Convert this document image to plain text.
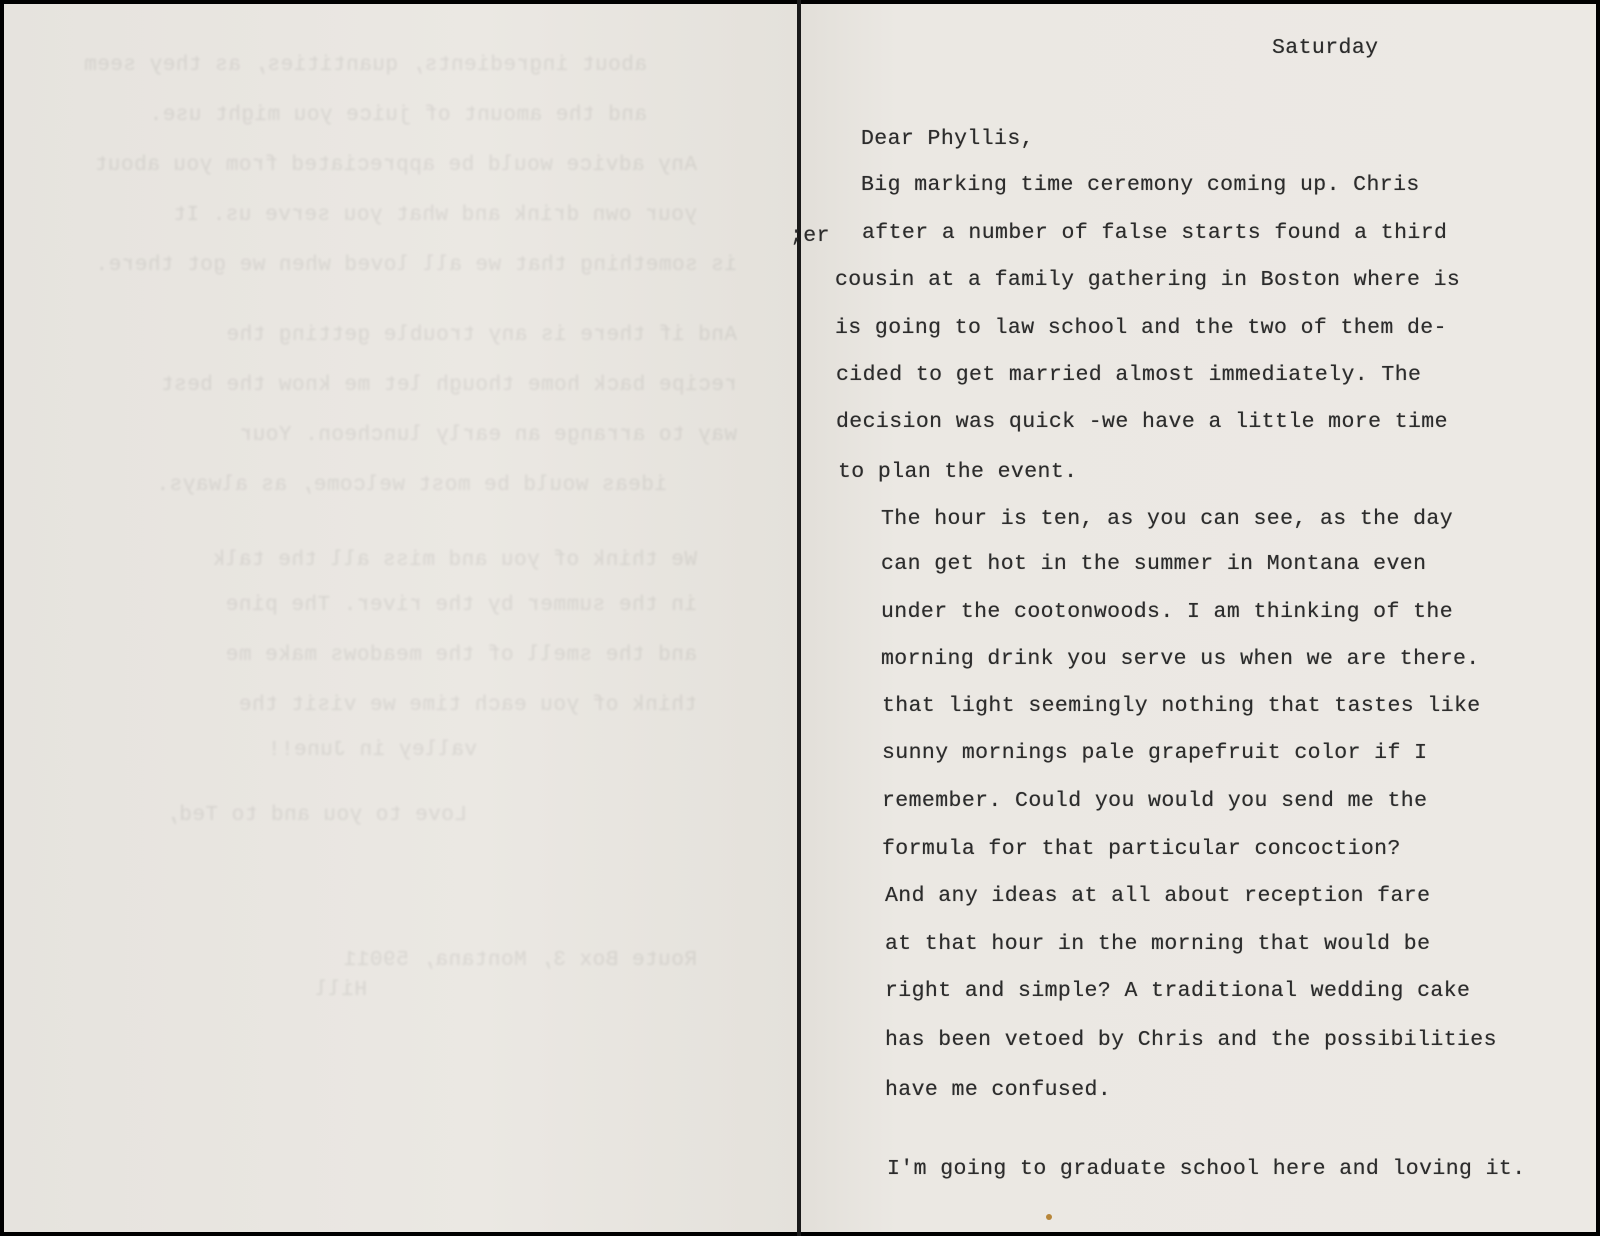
about ingredients, quantities, as they seem
and the amount of juice you might use.
Any advice would be appreciated from you about
your own drink and what you serve us. It
is something that we all loved when we got there.
And if there is any trouble getting the
recipe back home though let me know the best
way to arrange an early luncheon. Your
ideas would be most welcome, as always.
We think of you and miss all the talk
in the summer by the river. The pine
and the smell of the meadows make me
think of you each time we visit the
valley in June!!
Love to you and to Ted,
Route Box 3, Montana, 59011
Hill
Saturday
;er
Dear Phyllis,
Big marking time ceremony coming up. Chris
after a number of false starts found a third
cousin at a family gathering in Boston where is
is going to law school and the two of them de-
cided to get married almost immediately. The
decision was quick -we have a little more time
to plan the event.
The hour is ten, as you can see, as the day
can get hot in the summer in Montana even
under the cootonwoods. I am thinking of the
morning drink you serve us when we are there.
that light seemingly nothing that tastes like
sunny mornings pale grapefruit color if I
remember. Could you would you send me the
formula for that particular concoction?
And any ideas at all about reception fare
at that hour in the morning that would be
right and simple? A traditional wedding cake
has been vetoed by Chris and the possibilities
have me confused.
I'm going to graduate school here and loving it.
